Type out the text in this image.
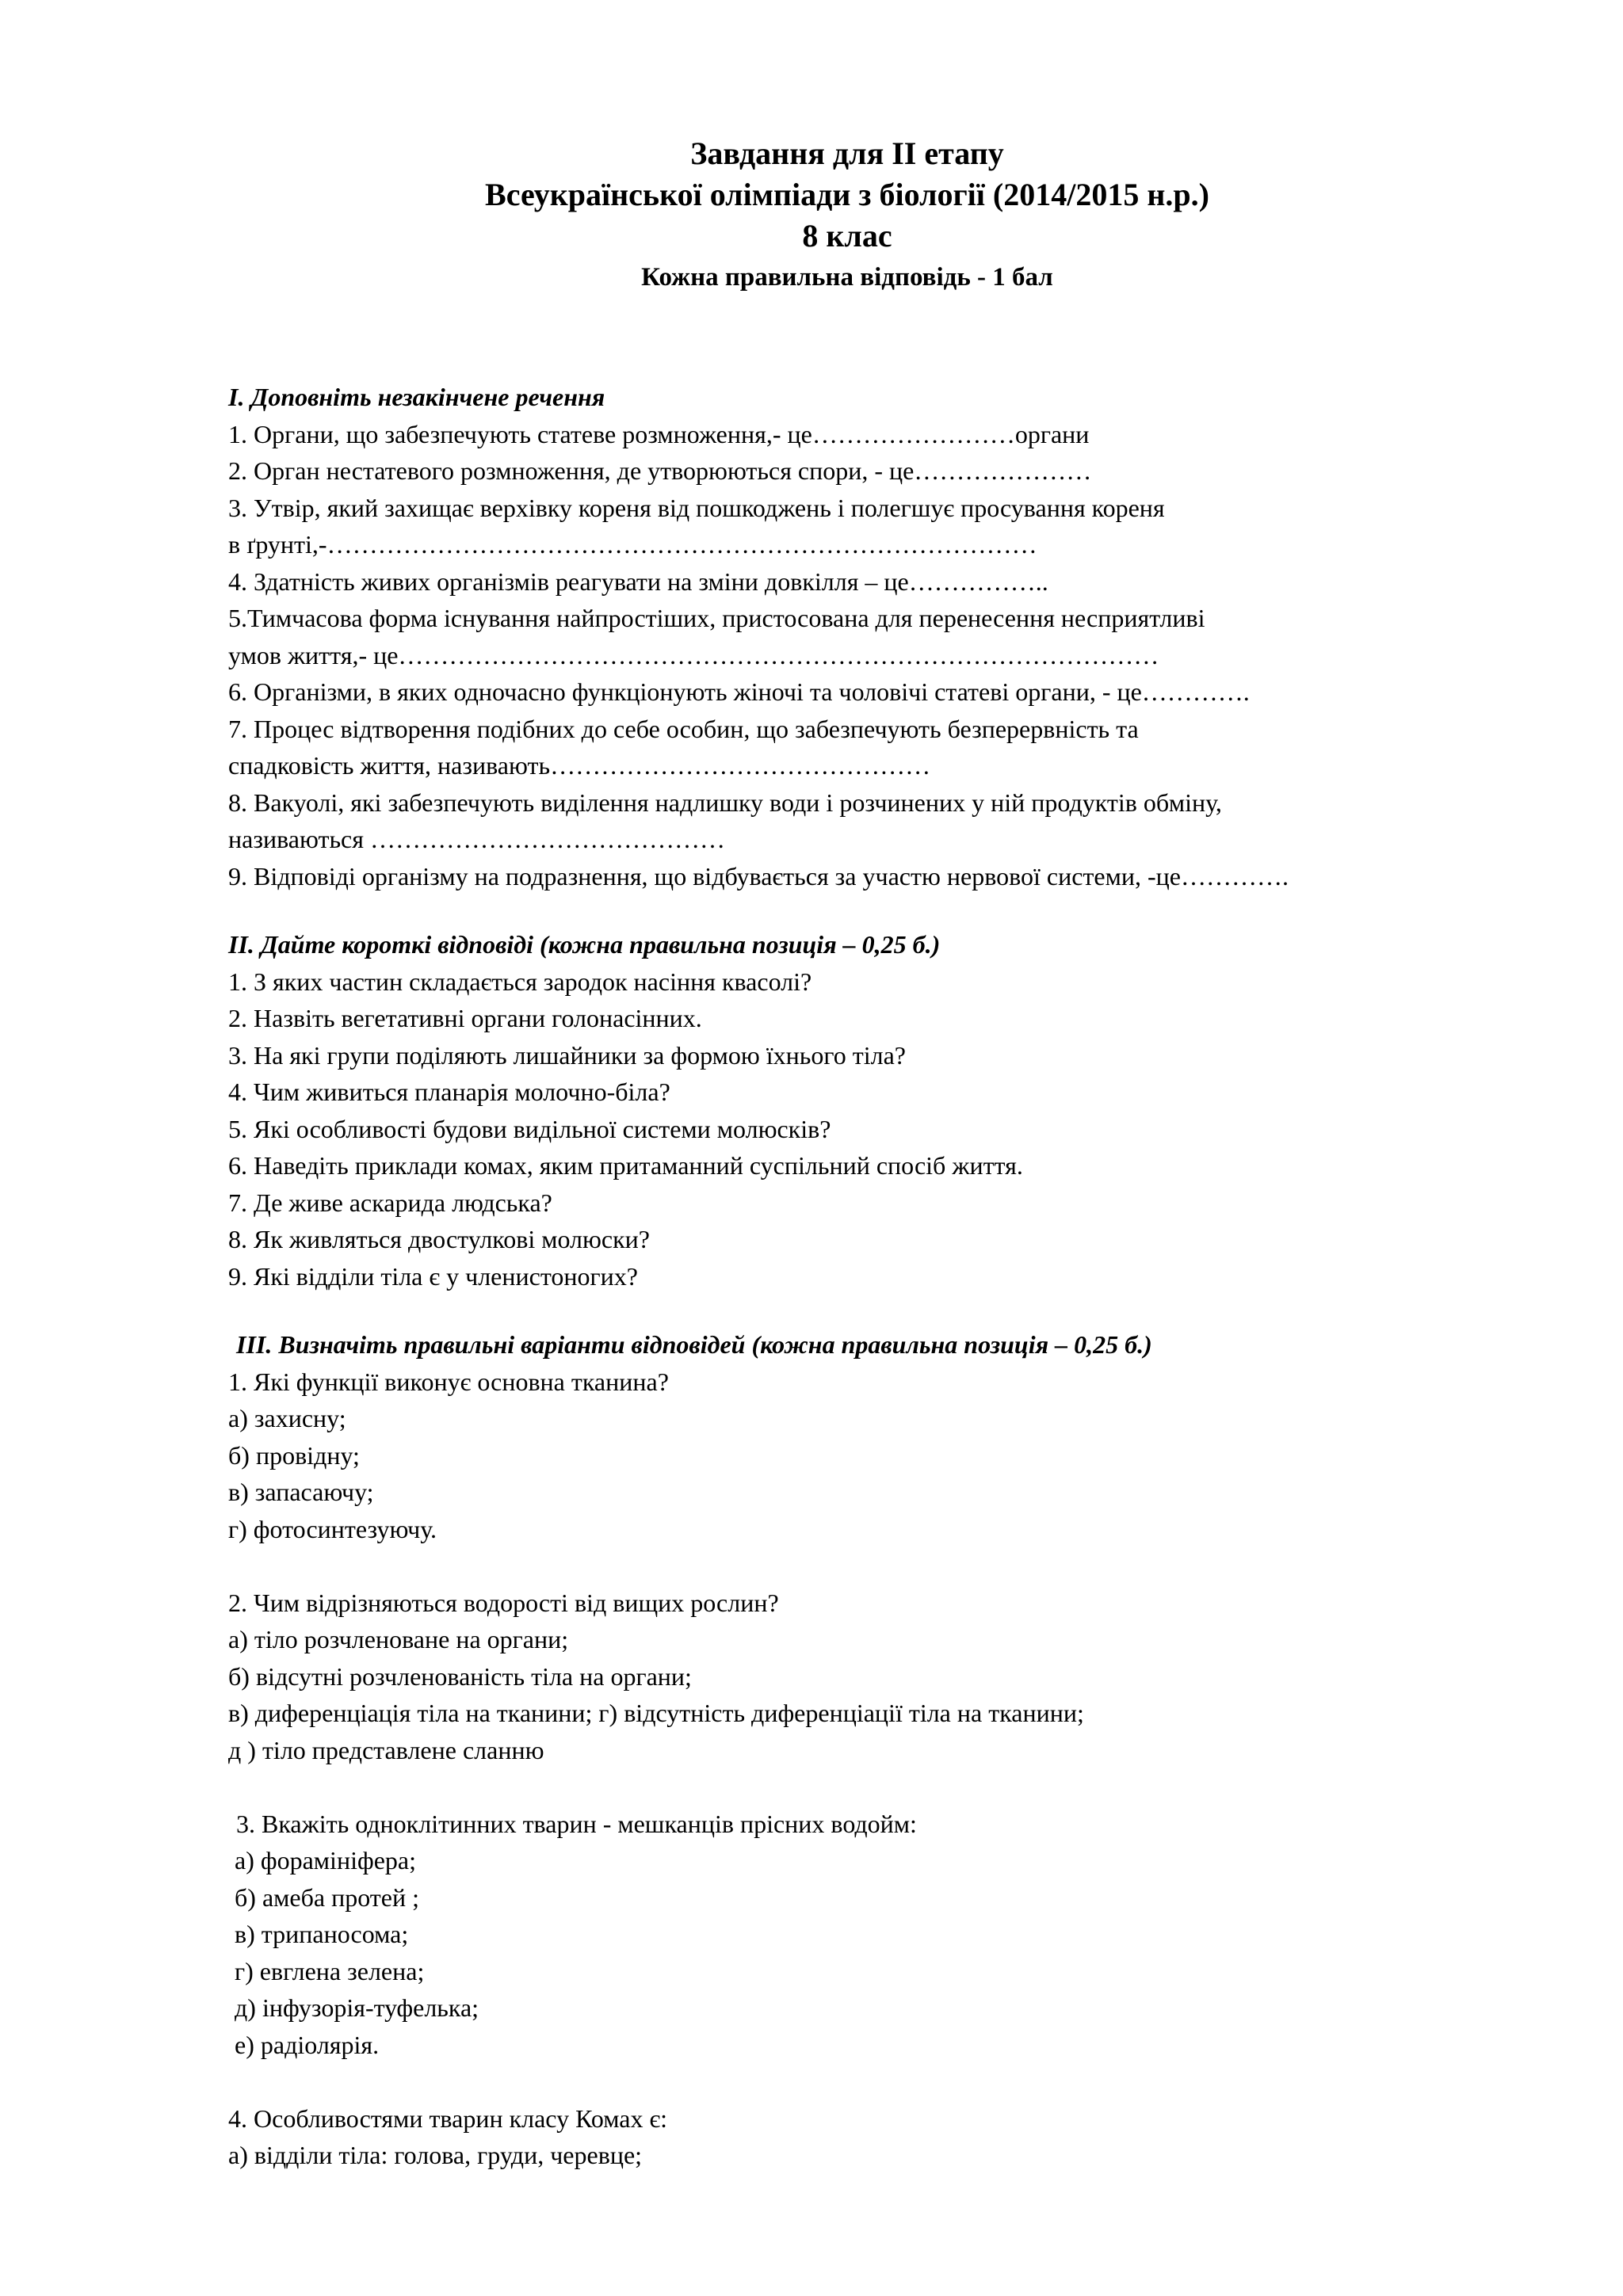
Завдання для ІІ етапу
Всеукраїнської олімпіади з біології (2014/2015 н.р.)
8 клас
Кожна правильна відповідь - 1 бал
І. Доповніть незакінчене речення
1. Органи, що забезпечують статеве розмноження,- це……………………органи
2. Орган нестатевого розмноження, де утворюються спори, - це…………………
3. Утвір, який захищає верхівку кореня від пошкоджень і полегшує просування кореня
в ґрунті,-…………………………………………………………………………
4. Здатність живих організмів реагувати на зміни довкілля – це……………..
5.Тимчасова форма існування найпростіших, пристосована для перенесення несприятливі
умов життя,- це………………………………………………………………………………
6. Організми, в яких одночасно функціонують жіночі та чоловічі статеві органи, - це………….
7. Процес відтворення подібних до себе особин, що забезпечують безперервність та
спадковість життя, називають………………………………………
8. Вакуолі, які забезпечують виділення надлишку води і розчинених у ній продуктів обміну,
називаються ……………………………………
9. Відповіді організму на подразнення, що відбувається за участю нервової системи, -це………….
ІІ. Дайте короткі відповіді (кожна правильна позиція – 0,25 б.)
1. З яких частин складається зародок насіння квасолі?
2. Назвіть вегетативні органи голонасінних.
3. На які групи поділяють лишайники за формою їхнього тіла?
4. Чим живиться планарія молочно-біла?
5. Які особливості будови видільної системи молюсків?
6. Наведіть приклади комах, яким притаманний суспільний спосіб життя.
7. Де живе аскарида людська?
8. Як живляться двостулкові молюски?
9. Які відділи тіла є у членистоногих?
ІІІ. Визначіть правильні варіанти відповідей (кожна правильна позиція – 0,25 б.)
1. Які функції виконує основна тканина?
а) захисну;
б) провідну;
в) запасаючу;
г) фотосинтезуючу.
2. Чим відрізняються водорості від вищих рослин?
а) тіло розчленоване на органи;
б) відсутні розчленованість тіла на органи;
в) диференціація тіла на тканини; г) відсутність диференціації тіла на тканини;
д ) тіло представлене сланню
3. Вкажіть одноклітинних тварин - мешканців прісних водойм:
а) форамініфера;
б) амеба протей ;
в) трипаносома;
г) евглена зелена;
д) інфузорія-туфелька;
е) радіолярія.
4. Особливостями тварин класу Комах є:
а) відділи тіла: голова, груди, черевце;
